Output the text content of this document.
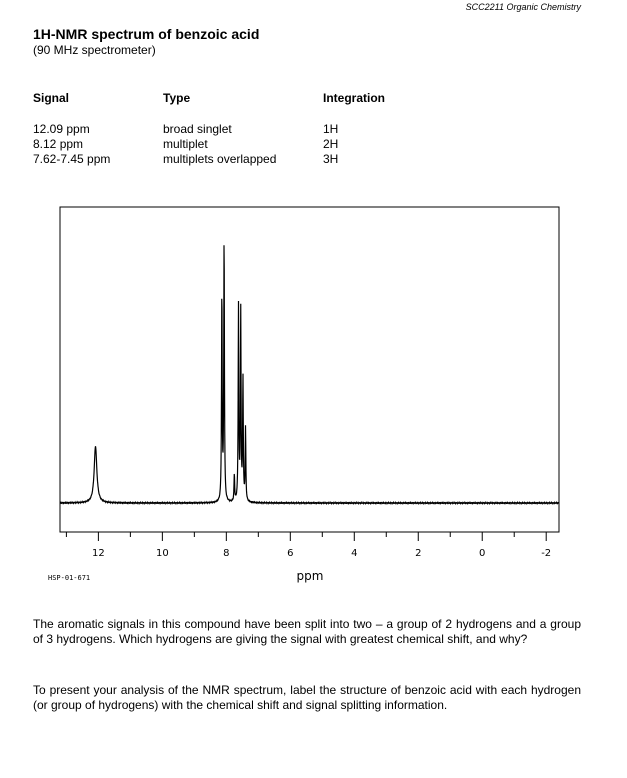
SCC2211 Organic Chemistry
1H-NMR spectrum of benzoic acid
(90 MHz spectrometer)
Signal	Type	Integration
12.09 ppm	broad singlet	1H
8.12 ppm	multiplet	2H
7.62-7.45 ppm	multiplets overlapped	3H
12	10	8	6	4	2	0	-2
ppm
HSP-01-671
The aromatic signals in this compound have been split into two – a group of 2 hydrogens and a group of 3 hydrogens. Which hydrogens are giving the signal with greatest chemical shift, and why?
To present your analysis of the NMR spectrum, label the structure of benzoic acid with each hydrogen (or group of hydrogens) with the chemical shift and signal splitting information.
